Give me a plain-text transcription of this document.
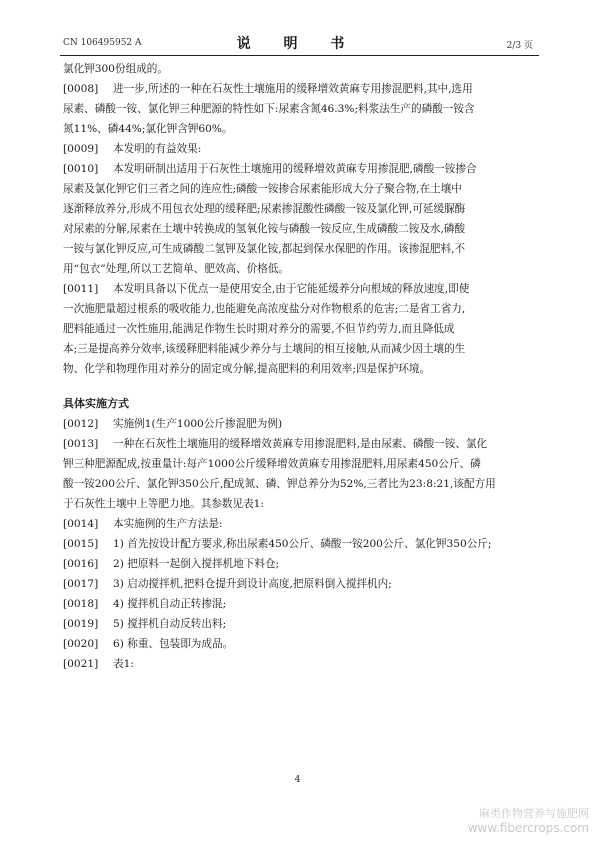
CN 106495952 A	说 明 书	2/3 页
氯化钾300份组成的。
[0008] 进一步,所述的一种在石灰性土壤施用的缓释增效黄麻专用掺混肥料,其中,选用
尿素、磷酸一铵、氯化钾三种肥源的特性如下:尿素含氮46.3%;料浆法生产的磷酸一铵含
氮11%、磷44%;氯化钾含钾60%。
[0009] 本发明的有益效果:
[0010] 本发明研制出适用于石灰性土壤施用的缓释增效黄麻专用掺混肥,磷酸一铵掺合
尿素及氯化钾它们三者之间的连应性;磷酸一铵掺合尿素能形成大分子聚合物,在土壤中
逐渐释放养分,形成不用包衣处理的缓释肥;尿素掺混酸性磷酸一铵及氯化钾,可延缓脲酶
对尿素的分解,尿素在土壤中转换成的氢氧化铵与磷酸一铵反应,生成磷酸二铵及水,磷酸
一铵与氯化钾反应,可生成磷酸二氢钾及氯化铵,都起到保水保肥的作用。该掺混肥料,不
用“包衣”处理,所以工艺简单、肥效高、价格低。
[0011] 本发明具备以下优点一是使用安全,由于它能延缓养分向根域的释放速度,即使
一次施肥量超过根系的吸收能力,也能避免高浓度盐分对作物根系的危害;二是省工省力,
肥料能通过一次性施用,能满足作物生长时期对养分的需要,不但节约劳力,而且降低成
本;三是提高养分效率,该缓释肥料能减少养分与土壤间的相互接触,从而减少因土壤的生
物、化学和物理作用对养分的固定或分解,提高肥料的利用效率;四是保护环境。
具体实施方式
[0012] 实施例1(生产1000公斤掺混肥为例)
[0013] 一种在石灰性土壤施用的缓释增效黄麻专用掺混肥料,是由尿素、磷酸一铵、氯化
钾三种肥源配成,按重量计:每产1000公斤缓释增效黄麻专用掺混肥料,用尿素450公斤、磷
酸一铵200公斤、氯化钾350公斤,配成氮、磷、钾总养分为52%,三者比为23:8:21,该配方用
于石灰性土壤中上等肥力地。其参数见表1:
[0014] 本实施例的生产方法是:
[0015] 1) 首先按设计配方要求,称出尿素450公斤、磷酸一铵200公斤、氯化钾350公斤;
[0016] 2) 把原料一起倒入搅拌机地下料仓;
[0017] 3) 启动搅拌机,把料仓提升到设计高度,把原料倒入搅拌机内;
[0018] 4) 搅拌机自动正转掺混;
[0019] 5) 搅拌机自动反转出料;
[0020] 6) 称重、包装即为成品。
[0021] 表1:
4
麻类作物营养与施肥网
www.fibercrops.com
